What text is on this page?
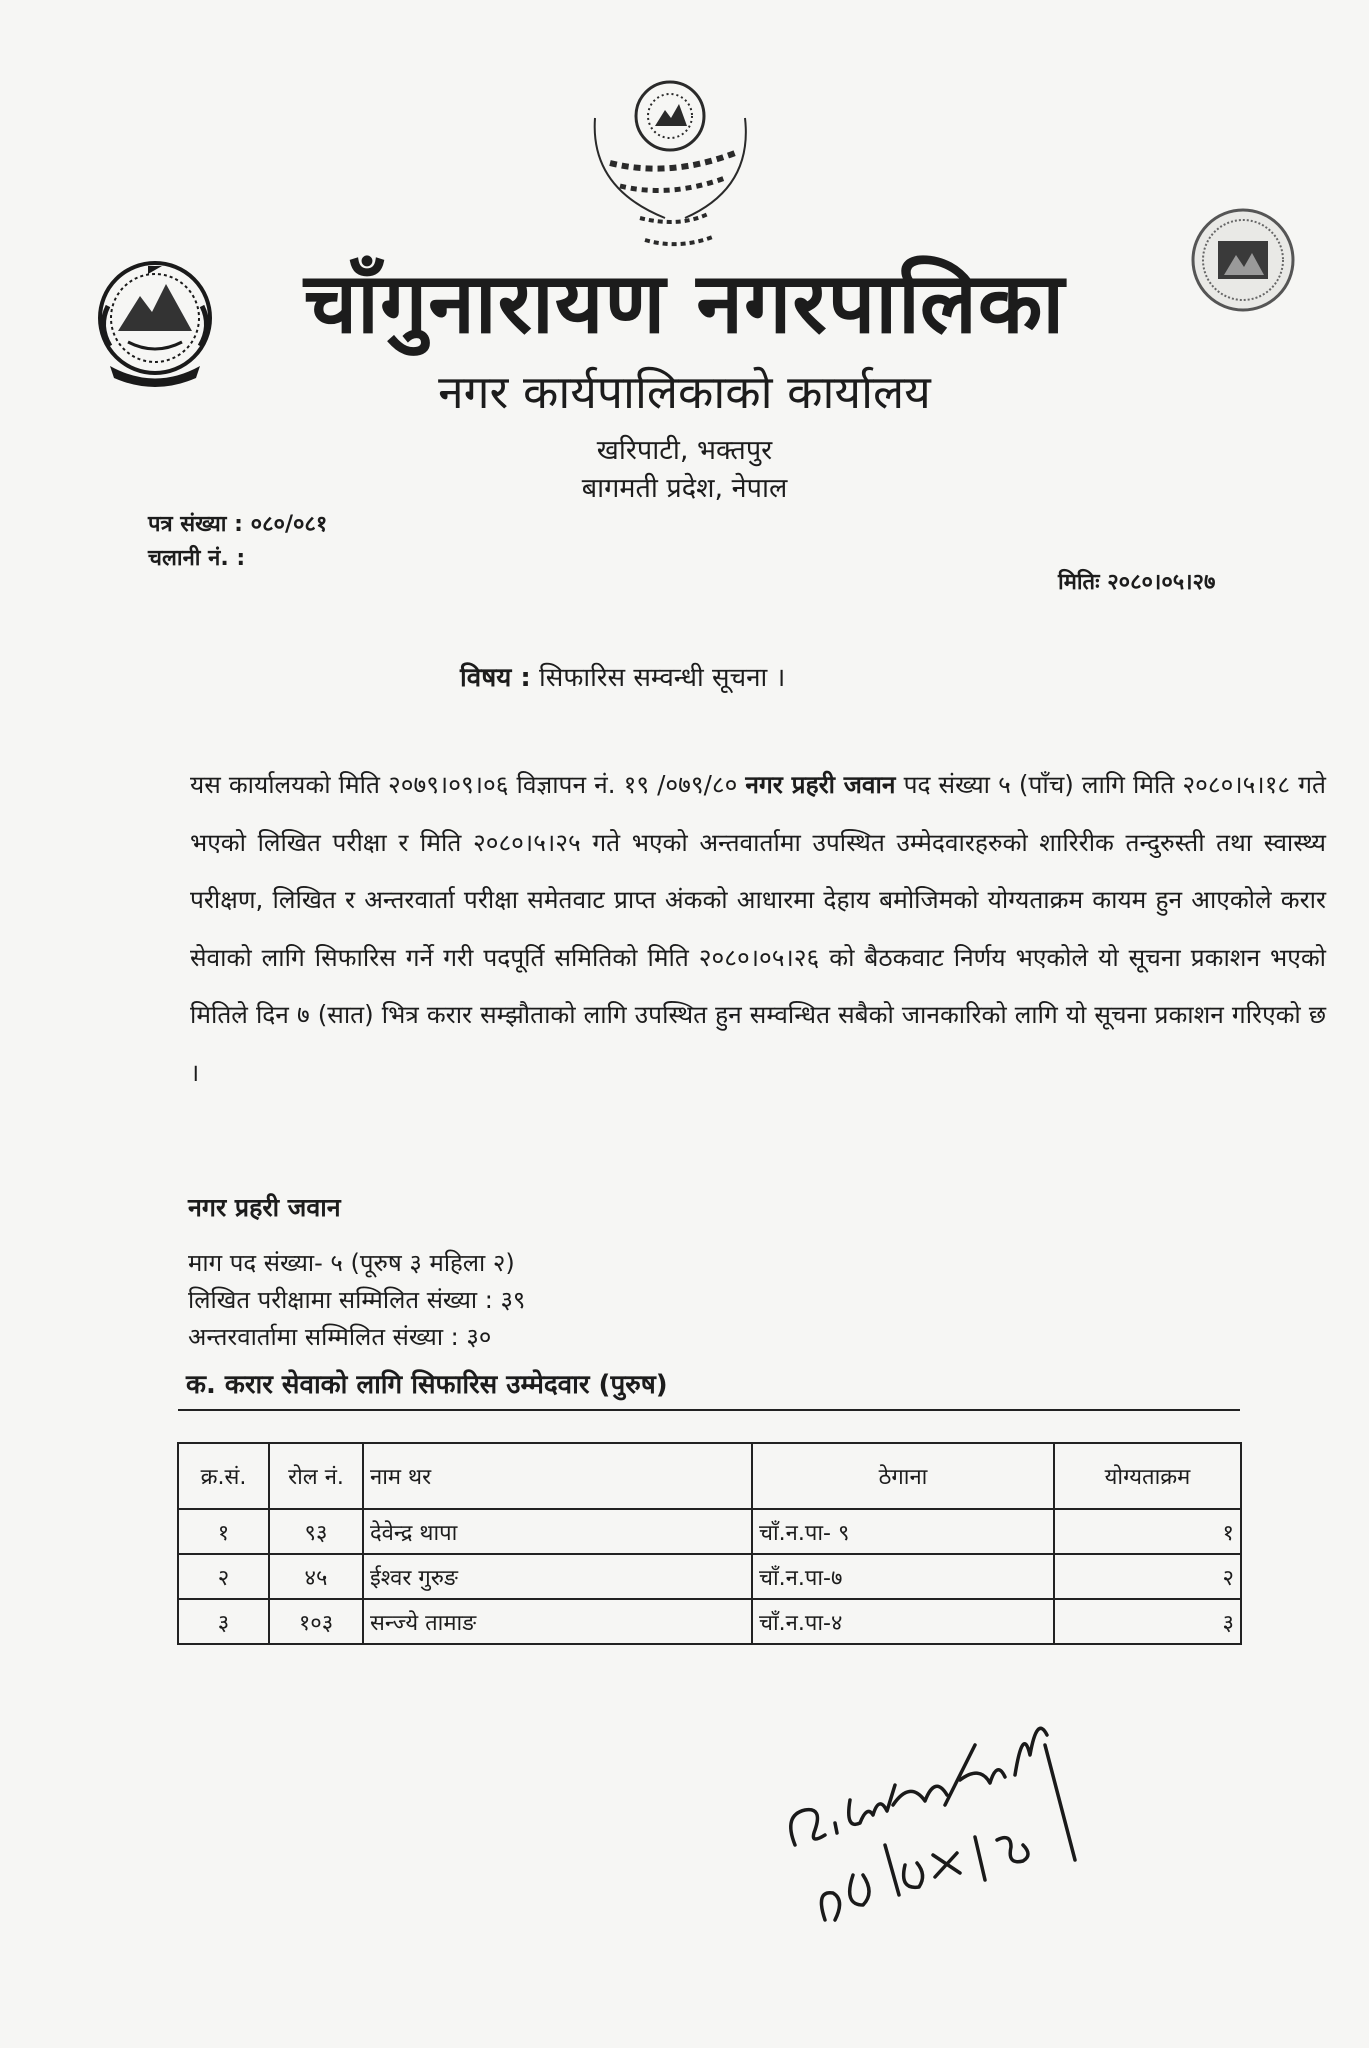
चाँगुनारायण नगरपालिका
नगर कार्यपालिकाको कार्यालय
खरिपाटी, भक्तपुर
बागमती प्रदेश, नेपाल
पत्र संख्या : ०८०/०८१
चलानी नं. :
मितिः २०८०।०५।२७
विषय : सिफारिस सम्वन्धी सूचना ।
यस कार्यालयको मिति २०७९।०९।०६ विज्ञापन नं. १९ /०७९/८० नगर प्रहरी जवान पद संख्या ५ (पाँच) लागि मिति २०८०।५।१८ गते भएको लिखित परीक्षा र मिति २०८०।५।२५ गते भएको अन्तवार्तामा उपस्थित उम्मेदवारहरुको शारिरीक तन्दुरुस्ती तथा स्वास्थ्य परीक्षण, लिखित र अन्तरवार्ता परीक्षा समेतवाट प्राप्त अंकको आधारमा देहाय बमोजिमको योग्यताक्रम कायम हुन आएकोले करार सेवाको लागि सिफारिस गर्ने गरी पदपूर्ति समितिको मिति २०८०।०५।२६ को बैठकवाट निर्णय भएकोले यो सूचना प्रकाशन भएको मितिले दिन ७ (सात) भित्र करार सम्झौताको लागि उपस्थित हुन सम्वन्धित सबैको जानकारिको लागि यो सूचना प्रकाशन गरिएको छ ।
नगर प्रहरी जवान
माग पद संख्या- ५ (पूरुष ३ महिला २)
लिखित परीक्षामा सम्मिलित संख्या : ३९
अन्तरवार्तामा सम्मिलित संख्या : ३०
क. करार सेवाको लागि सिफारिस उम्मेदवार (पुरुष)
क्र.सं.	रोल नं.	नाम थर	ठेगाना	योग्यताक्रम
१	९३	देवेन्द्र थापा	चाँ.न.पा- ९	१
२	४५	ईश्वर गुरुङ	चाँ.न.पा-७	२
३	१०३	सन्ज्ये तामाङ	चाँ.न.पा-४	३
